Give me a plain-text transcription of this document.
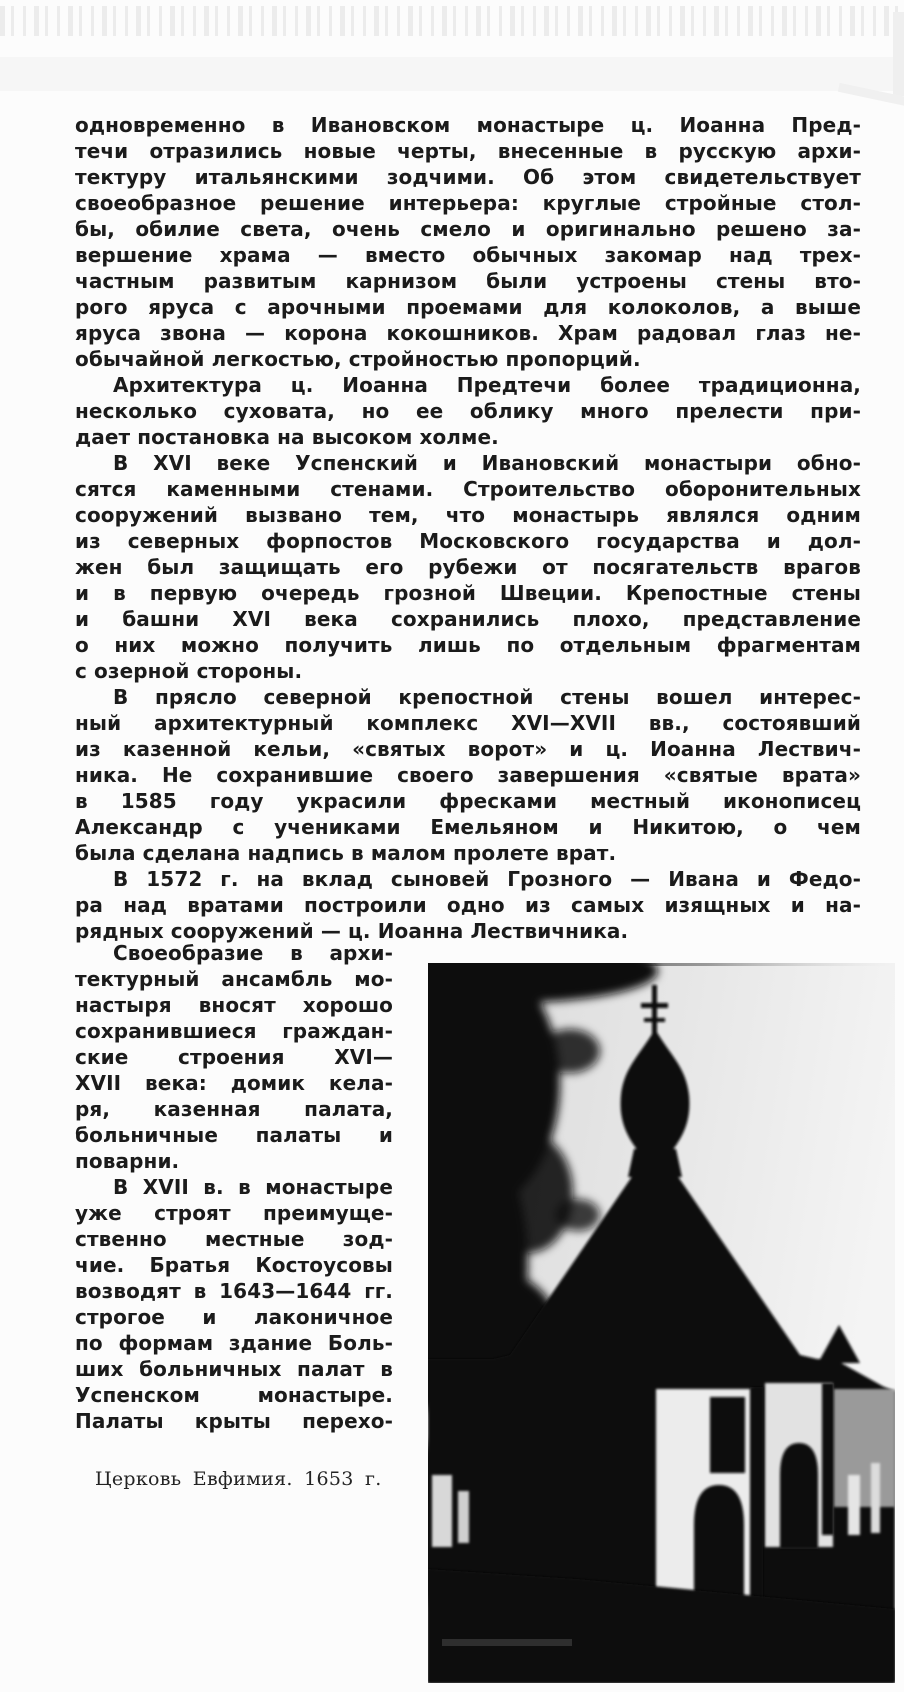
одновременно в Ивановском монастыре ц. Иоанна Пред-
течи отразились новые черты, внесенные в русскую архи-
тектуру итальянскими зодчими. Об этом свидетельствует
своеобразное решение интерьера: круглые стройные стол-
бы, обилие света, очень смело и оригинально решено за-
вершение храма — вместо обычных закомар над трех-
частным развитым карнизом были устроены стены вто-
рого яруса с арочными проемами для колоколов, а выше
яруса звона — корона кокошников. Храм радовал глаз не-
обычайной легкостью, стройностью пропорций.
Архитектура ц. Иоанна Предтечи более традиционна,
несколько суховата, но ее облику много прелести при-
дает постановка на высоком холме.
В XVI веке Успенский и Ивановский монастыри обно-
сятся каменными стенами. Строительство оборонительных
сооружений вызвано тем, что монастырь являлся одним
из северных форпостов Московского государства и дол-
жен был защищать его рубежи от посягательств врагов
и в первую очередь грозной Швеции. Крепостные стены
и башни XVI века сохранились плохо, представление
о них можно получить лишь по отдельным фрагментам
с озерной стороны.
В прясло северной крепостной стены вошел интерес-
ный архитектурный комплекс XVI—XVII вв., состоявший
из казенной кельи, «святых ворот» и ц. Иоанна Лествич-
ника. Не сохранившие своего завершения «святые врата»
в 1585 году украсили фресками местный иконописец
Александр с учениками Емельяном и Никитою, о чем
была сделана надпись в малом пролете врат.
В 1572 г. на вклад сыновей Грозного — Ивана и Федо-
ра над вратами построили одно из самых изящных и на-
рядных сооружений — ц. Иоанна Лествичника.
Своеобразие в архи-
тектурный ансамбль мо-
настыря вносят хорошо
сохранившиеся граждан-
ские строения XVI—
XVII века: домик кела-
ря, казенная палата,
больничные палаты и
поварни.
В XVII в. в монастыре
уже строят преимуще-
ственно местные зод-
чие. Братья Костоусовы
возводят в 1643—1644 гг.
строгое и лаконичное
по формам здание Боль-
ших больничных палат в
Успенском монастыре.
Палаты крыты перехо-
Церковь Евфимия. 1653 г.
